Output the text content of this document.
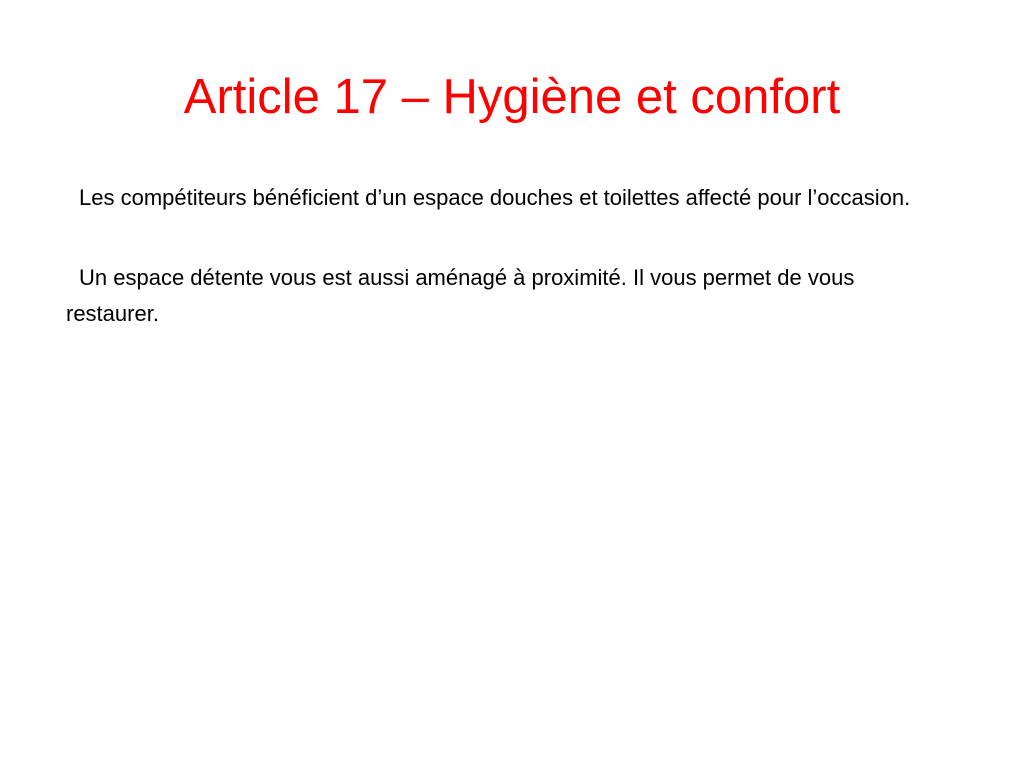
Article 17 – Hygiène et confort

Les compétiteurs bénéficient d’un espace douches et toilettes affecté pour l’occasion.

Un espace détente vous est aussi aménagé à proximité. Il vous permet de vous restaurer.
